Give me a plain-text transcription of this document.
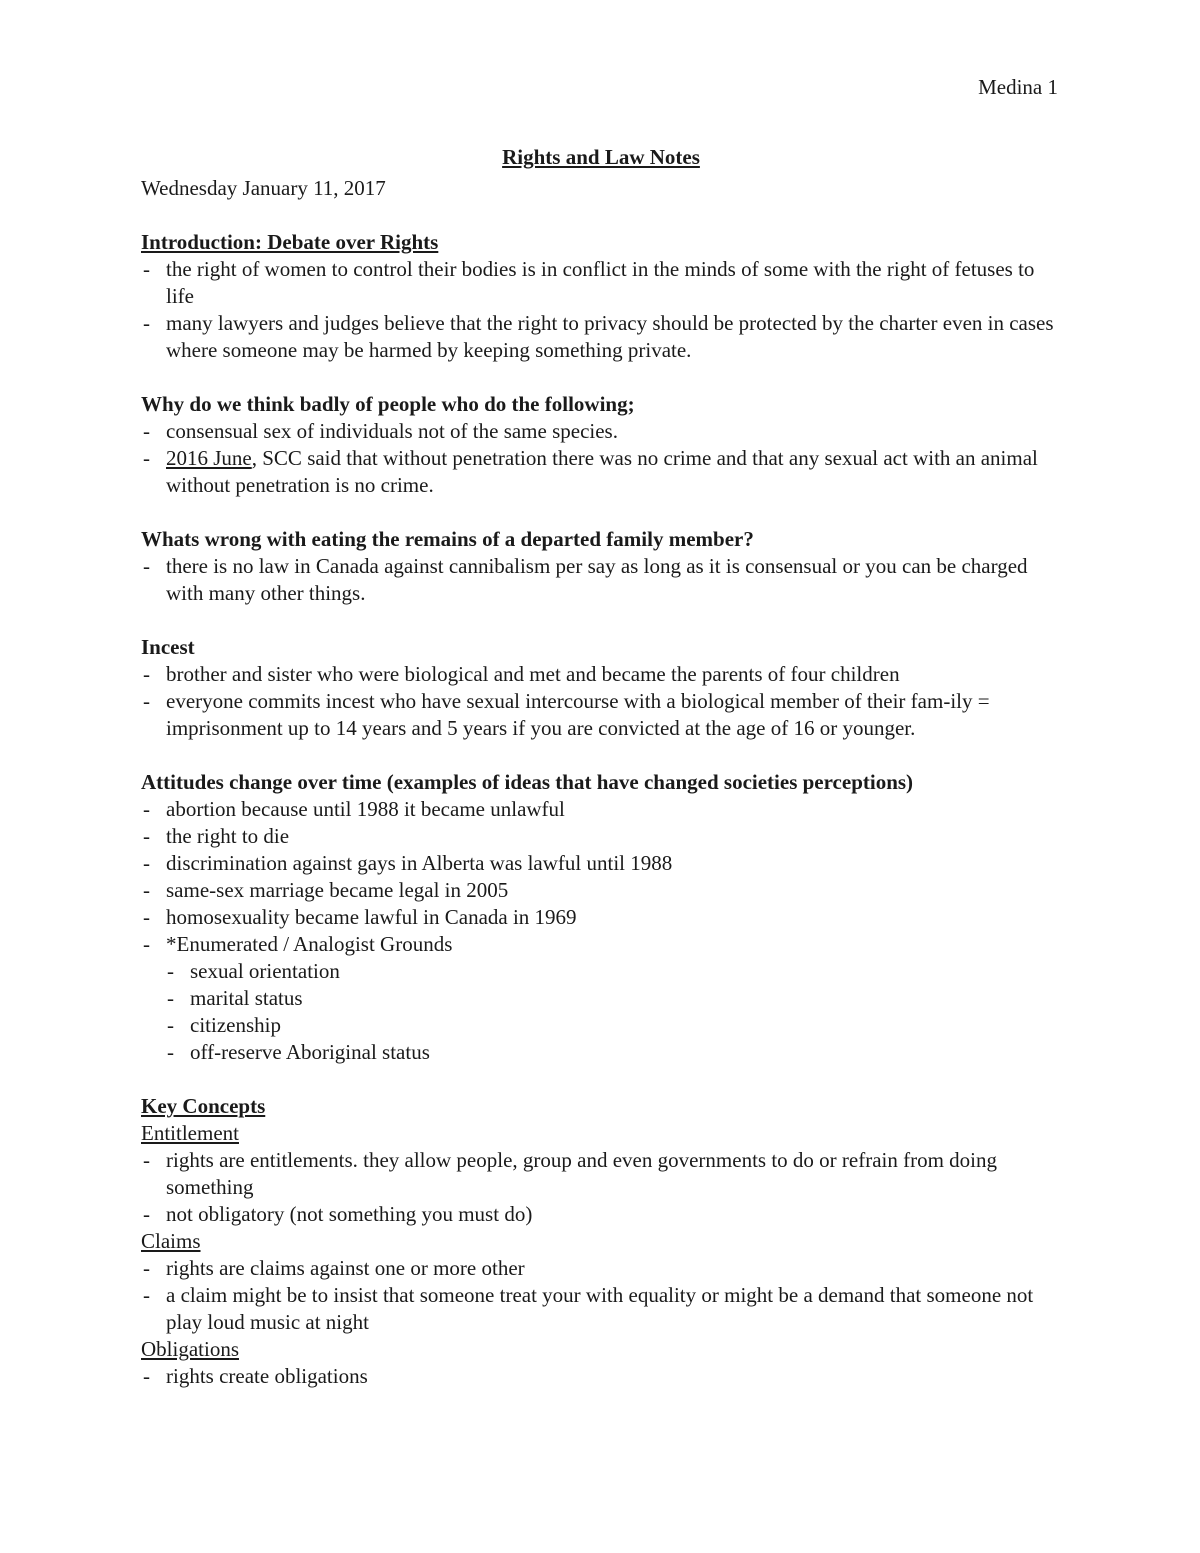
Medina 1
Rights and Law Notes
Wednesday January 11, 2017
Introduction: Debate over Rights
- the right of women to control their bodies is in conflict in the minds of some with the right of fetuses to life
- many lawyers and judges believe that the right to privacy should be protected by the charter even in cases where someone may be harmed by keeping something private.
Why do we think badly of people who do the following;
- consensual sex of individuals not of the same species.
- 2016 June, SCC said that without penetration there was no crime and that any sexual act with an animal without penetration is no crime.
Whats wrong with eating the remains of a departed family member?
- there is no law in Canada against cannibalism per say as long as it is consensual or you can be charged with many other things.
Incest
- brother and sister who were biological and met and became the parents of four children
- everyone commits incest who have sexual intercourse with a biological member of their fam-ily = imprisonment up to 14 years and 5 years if you are convicted at the age of 16 or younger.
Attitudes change over time (examples of ideas that have changed societies perceptions)
- abortion because until 1988 it became unlawful
- the right to die
- discrimination against gays in Alberta was lawful until 1988
- same-sex marriage became legal in 2005
- homosexuality became lawful in Canada in 1969
- *Enumerated / Analogist Grounds
- sexual orientation
- marital status
- citizenship
- off-reserve Aboriginal status
Key Concepts
Entitlement
- rights are entitlements. they allow people, group and even governments to do or refrain from doing something
- not obligatory (not something you must do)
Claims
- rights are claims against one or more other
- a claim might be to insist that someone treat your with equality or might be a demand that someone not play loud music at night
Obligations
- rights create obligations
